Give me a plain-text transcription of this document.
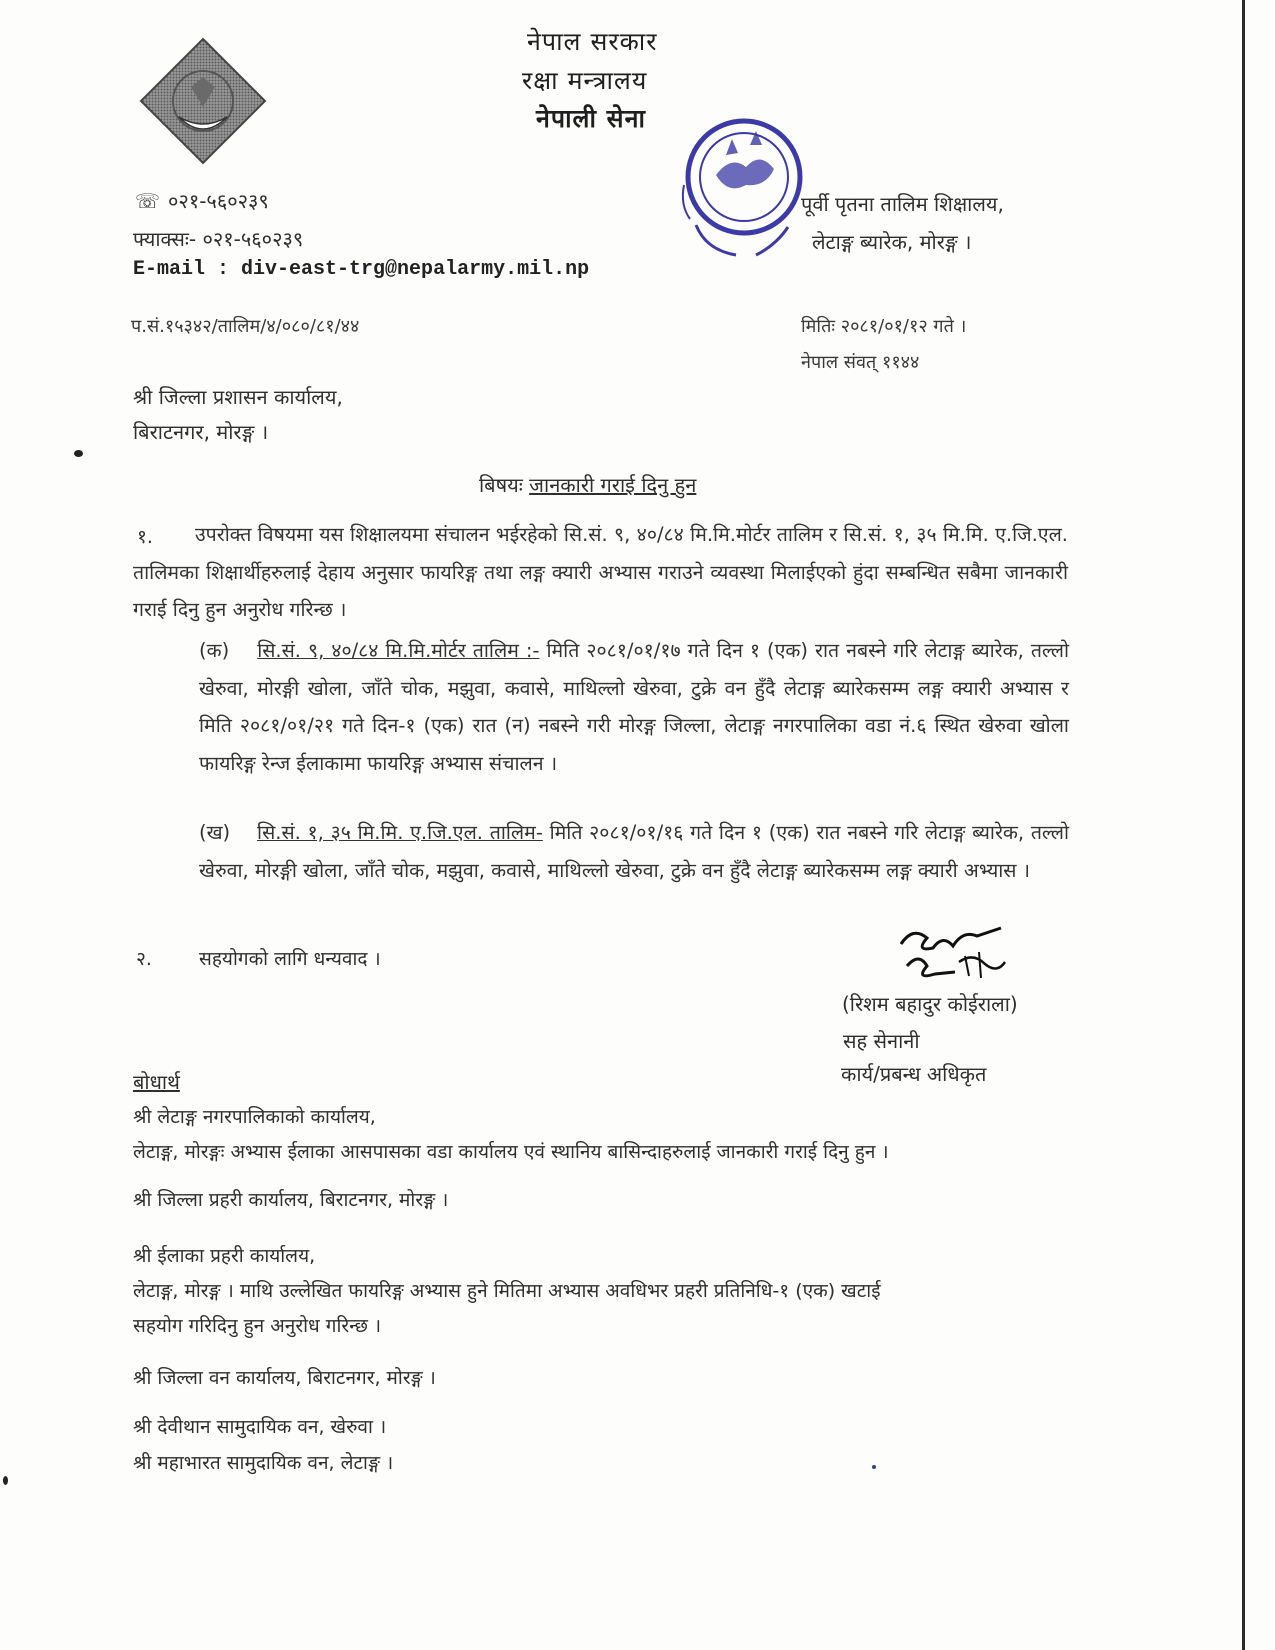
नेपाल सरकार
रक्षा मन्त्रालय
नेपाली सेना
☏ ०२१-५६०२३९
फ्याक्सः- ०२१-५६०२३९
E-mail : div-east-trg@nepalarmy.mil.np
पूर्वी पृतना तालिम शिक्षालय,
लेटाङ्ग ब्यारेक, मोरङ्ग ।
प.सं.१५३४२/तालिम/४/०८०/८१/४४	मितिः २०८१/०१/१२ गते ।
नेपाल संवत् ११४४
श्री जिल्ला प्रशासन कार्यालय,
बिराटनगर, मोरङ्ग ।
बिषयः जानकारी गराई दिनु हुन
१.	उपरोक्त विषयमा यस शिक्षालयमा संचालन भईरहेको सि.सं. ९, ४०/८४ मि.मि.मोर्टर तालिम र सि.सं. १, ३५ मि.मि. ए.जि.एल. तालिमका शिक्षार्थीहरुलाई देहाय अनुसार फायरिङ्ग तथा लङ्ग क्यारी अभ्यास गराउने व्यवस्था मिलाईएको हुंदा सम्बन्धित सबैमा जानकारी गराई दिनु हुन अनुरोध गरिन्छ ।
(क) सि.सं. ९, ४०/८४ मि.मि.मोर्टर तालिम :- मिति २०८१/०१/१७ गते दिन १ (एक) रात नबस्ने गरि लेटाङ्ग ब्यारेक, तल्लो खेरुवा, मोरङ्गी खोला, जाँते चोक, मझुवा, कवासे, माथिल्लो खेरुवा, टुक्रे वन हुँदै लेटाङ्ग ब्यारेकसम्म लङ्ग क्यारी अभ्यास र मिति २०८१/०१/२१ गते दिन-१ (एक) रात (न) नबस्ने गरी मोरङ्ग जिल्ला, लेटाङ्ग नगरपालिका वडा नं.६ स्थित खेरुवा खोला फायरिङ्ग रेन्ज ईलाकामा फायरिङ्ग अभ्यास संचालन ।
(ख) सि.सं. १, ३५ मि.मि. ए.जि.एल. तालिम- मिति २०८१/०१/१६ गते दिन १ (एक) रात नबस्ने गरि लेटाङ्ग ब्यारेक, तल्लो खेरुवा, मोरङ्गी खोला, जाँते चोक, मझुवा, कवासे, माथिल्लो खेरुवा, टुक्रे वन हुँदै लेटाङ्ग ब्यारेकसम्म लङ्ग क्यारी अभ्यास ।
२. सहयोगको लागि धन्यवाद ।
(रिशम बहादुर कोईराला)
सह सेनानी
कार्य/प्रबन्ध अधिकृत
बोधार्थ
श्री लेटाङ्ग नगरपालिकाको कार्यालय,
लेटाङ्ग, मोरङ्गः अभ्यास ईलाका आसपासका वडा कार्यालय एवं स्थानिय बासिन्दाहरुलाई जानकारी गराई दिनु हुन ।
श्री जिल्ला प्रहरी कार्यालय, बिराटनगर, मोरङ्ग ।
श्री ईलाका प्रहरी कार्यालय,
लेटाङ्ग, मोरङ्ग । माथि उल्लेखित फायरिङ्ग अभ्यास हुने मितिमा अभ्यास अवधिभर प्रहरी प्रतिनिधि-१ (एक) खटाई
सहयोग गरिदिनु हुन अनुरोध गरिन्छ ।
श्री जिल्ला वन कार्यालय, बिराटनगर, मोरङ्ग ।
श्री देवीथान सामुदायिक वन, खेरुवा ।
श्री महाभारत सामुदायिक वन, लेटाङ्ग ।
